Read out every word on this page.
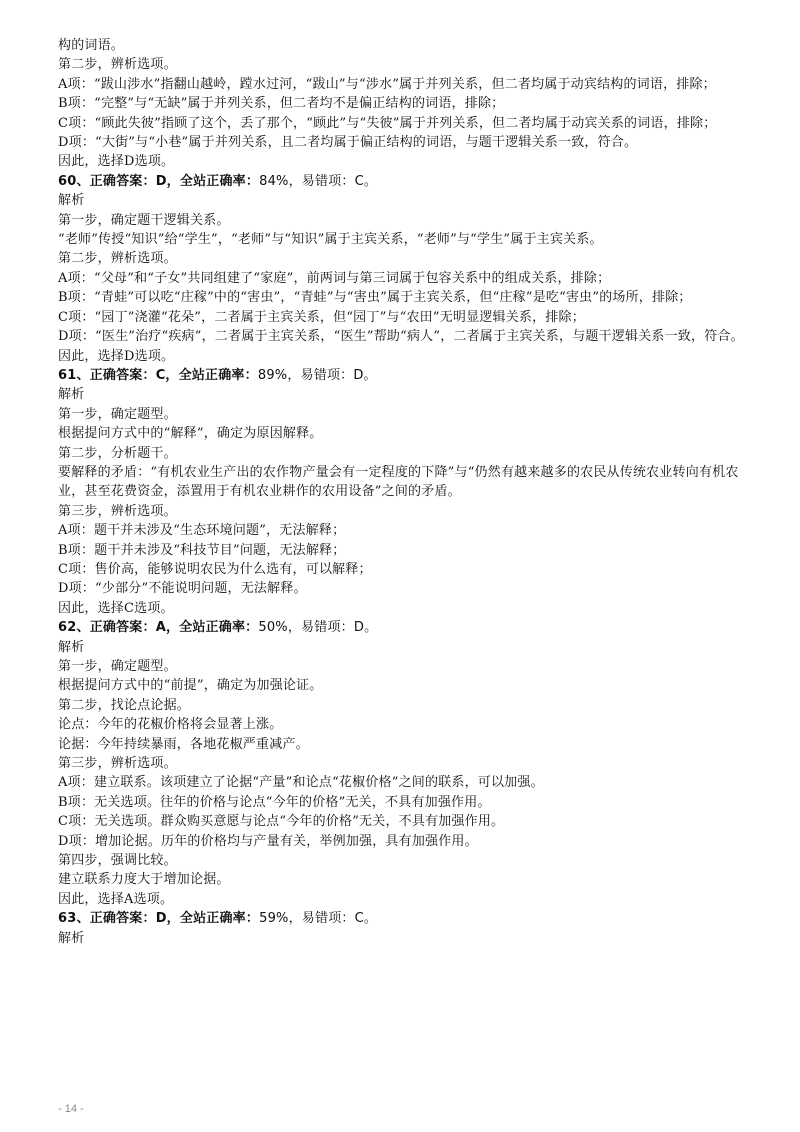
构的词语。
第二步，辨析选项。
A项：“跋山涉水”指翻山越岭，蹚水过河，“跋山”与“涉水”属于并列关系，但二者均属于动宾结构的词语，排除；
B项：“完整”与“无缺”属于并列关系，但二者均不是偏正结构的词语，排除；
C项：“顾此失彼”指顾了这个，丢了那个，“顾此”与“失彼”属于并列关系，但二者均属于动宾关系的词语，排除；
D项：“大街”与“小巷”属于并列关系，且二者均属于偏正结构的词语，与题干逻辑关系一致，符合。
因此，选择D选项。
60、正确答案：D，全站正确率：84%，易错项：C。
解析
第一步，确定题干逻辑关系。
“老师”传授“知识”给“学生”，“老师”与“知识”属于主宾关系，“老师”与“学生”属于主宾关系。
第二步，辨析选项。
A项：“父母”和“子女”共同组建了“家庭”，前两词与第三词属于包容关系中的组成关系，排除；
B项：“青蛙”可以吃“庄稼”中的“害虫”，“青蛙”与“害虫”属于主宾关系，但“庄稼”是吃“害虫”的场所，排除；
C项：“园丁”浇灌“花朵”，二者属于主宾关系，但“园丁”与“农田”无明显逻辑关系，排除；
D项：“医生”治疗“疾病”，二者属于主宾关系，“医生”帮助“病人”，二者属于主宾关系，与题干逻辑关系一致，符合。
因此，选择D选项。
61、正确答案：C，全站正确率：89%，易错项：D。
解析
第一步，确定题型。
根据提问方式中的“解释”，确定为原因解释。
第二步，分析题干。
要解释的矛盾：“有机农业生产出的农作物产量会有一定程度的下降”与“仍然有越来越多的农民从传统农业转向有机农业，甚至花费资金，添置用于有机农业耕作的农用设备”之间的矛盾。
第三步，辨析选项。
A项：题干并未涉及“生态环境问题”，无法解释；
B项：题干并未涉及“科技节目”问题，无法解释；
C项：售价高，能够说明农民为什么选有，可以解释；
D项：“少部分”不能说明问题，无法解释。
因此，选择C选项。
62、正确答案：A，全站正确率：50%，易错项：D。
解析
第一步，确定题型。
根据提问方式中的“前提”，确定为加强论证。
第二步，找论点论据。
论点：今年的花椒价格将会显著上涨。
论据：今年持续暴雨，各地花椒严重减产。
第三步，辨析选项。
A项：建立联系。该项建立了论据“产量”和论点“花椒价格”之间的联系，可以加强。
B项：无关选项。往年的价格与论点“今年的价格”无关，不具有加强作用。
C项：无关选项。群众购买意愿与论点“今年的价格”无关，不具有加强作用。
D项：增加论据。历年的价格均与产量有关，举例加强，具有加强作用。
第四步，强调比较。
建立联系力度大于增加论据。
因此，选择A选项。
63、正确答案：D，全站正确率：59%，易错项：C。
解析
- 14 -
